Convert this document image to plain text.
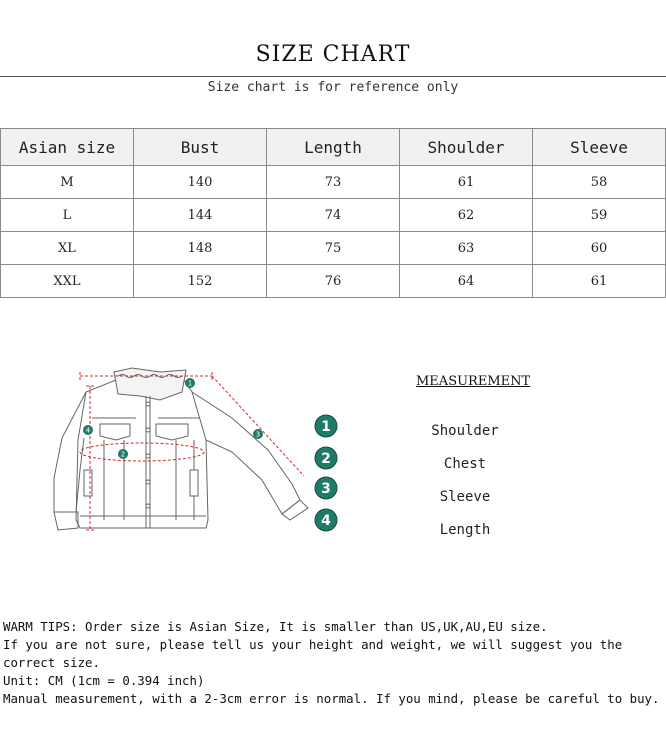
SIZE CHART
Size chart is for reference only
Asian size	Bust	Length	Shoulder	Sleeve
M	140	73	61	58
L	144	74	62	59
XL	148	75	63	60
XXL	152	76	64	61
1
2
3
4	1
2
3
4
MEASUREMENT
Shoulder
Chest
Sleeve
Length
WARM TIPS: Order size is Asian Size, It is smaller than US,UK,AU,EU size.
If you are not sure, please tell us your height and weight, we will suggest you the correct size.
Unit: CM (1cm = 0.394 inch)
Manual measurement, with a 2-3cm error is normal. If you mind, please be careful to buy.
